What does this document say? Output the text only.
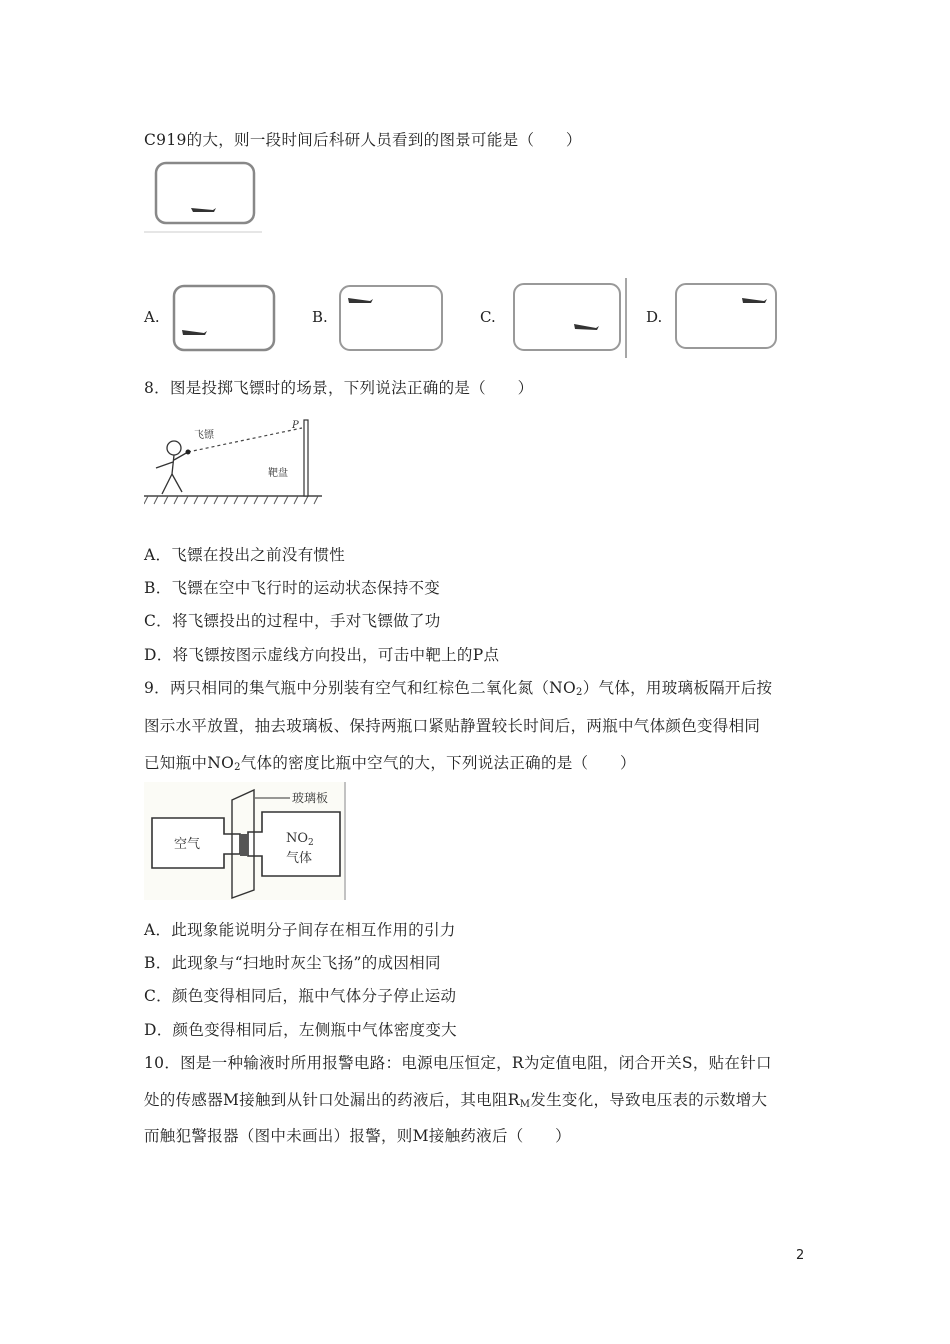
C919的大，则一段时间后科研人员看到的图景可能是（　　）
A.	B.	C.	D.
8．图是投掷飞镖时的场景，下列说法正确的是（　　）
飞镖
P
靶盘
A．飞镖在投出之前没有惯性
B．飞镖在空中飞行时的运动状态保持不变
C．将飞镖投出的过程中，手对飞镖做了功
D．将飞镖按图示虚线方向投出，可击中靶上的P点
9．两只相同的集气瓶中分别装有空气和红棕色二氧化氮$(NO_2)$气体，用玻璃板隔开后按
图示水平放置，抽去玻璃板、保持两瓶口紧贴静置较长时间后，两瓶中气体颜色变得相同
已知瓶中$NO_2$气体的密度比瓶中空气的大，下列说法正确的是（　　）
玻璃板
空气	$NO_2$
气体
A．此现象能说明分子间存在相互作用的引力
B．此现象与“扫地时灰尘飞扬”的成因相同
C．颜色变得相同后，瓶中气体分子停止运动
D．颜色变得相同后，左侧瓶中气体密度变大
10．图是一种输液时所用报警电路：电源电压恒定，R为定值电阻，闭合开关S，贴在针口
处的传感器M接触到从针口处漏出的药液后，其电阻$R_M$发生变化，导致电压表的示数增大
而触犯警报器（图中未画出）报警，则M接触药液后（　　）
2
